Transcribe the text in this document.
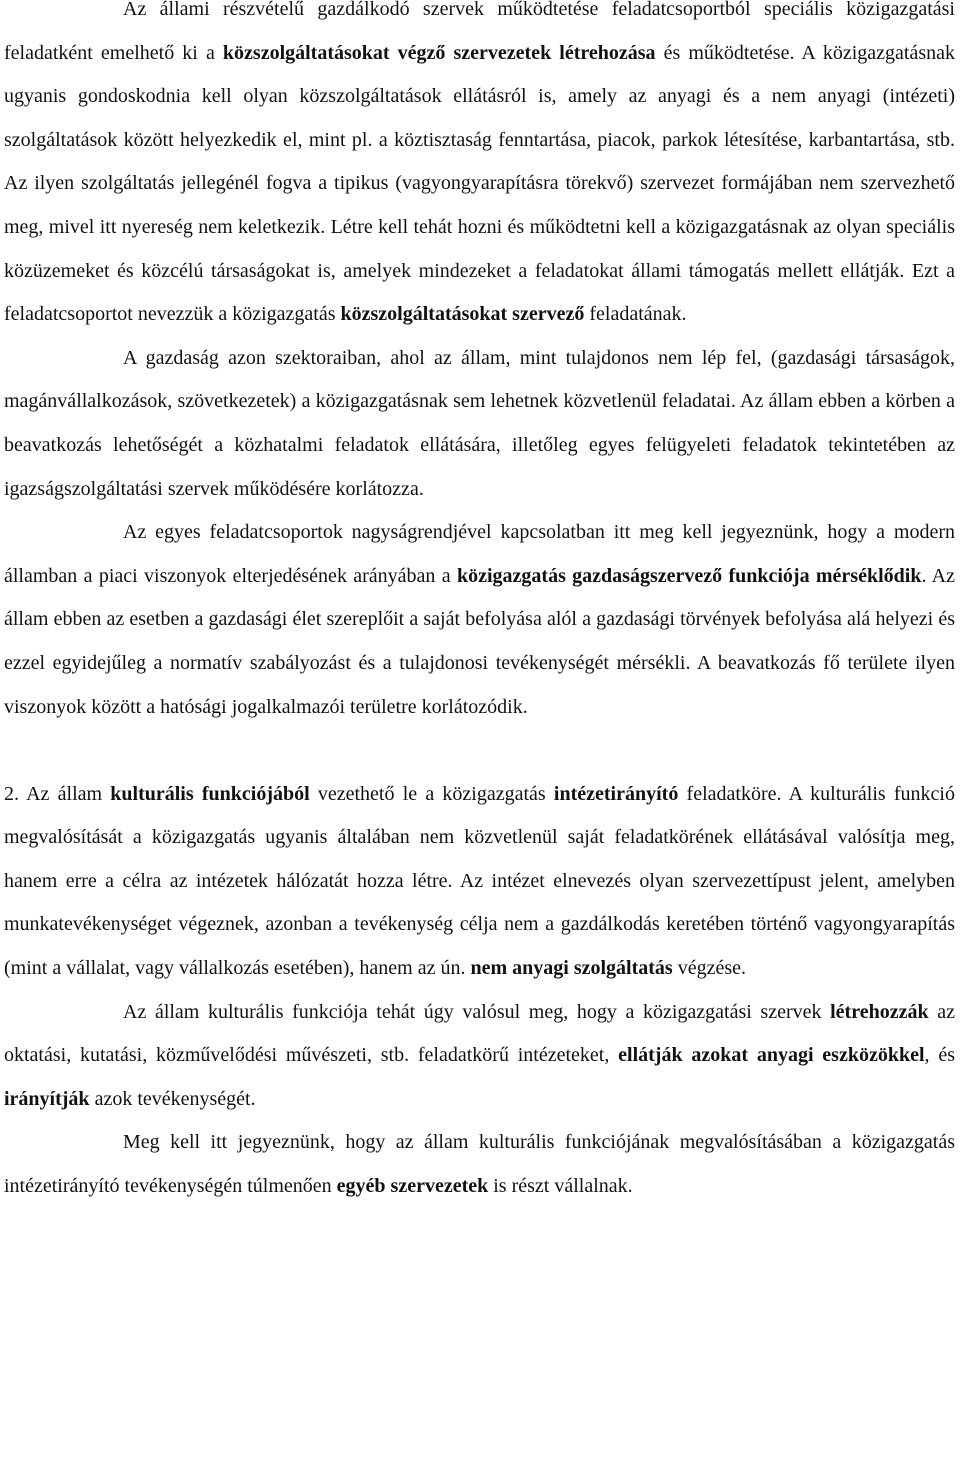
Az állami részvételű gazdálkodó szervek működtetése feladatcsoportból speciális közigazgatási feladatként emelhető ki a közszolgáltatásokat végző szervezetek létrehozása és működtetése. A közigazgatásnak ugyanis gondoskodnia kell olyan közszolgáltatások ellátásról is, amely az anyagi és a nem anyagi (intézeti) szolgáltatások között helyezkedik el, mint pl. a köztisztaság fenntartása, piacok, parkok létesítése, karbantartása, stb. Az ilyen szolgáltatás jellegénél fogva a tipikus (vagyongyarapításra törekvő) szervezet formájában nem szervezhető meg, mivel itt nyereség nem keletkezik. Létre kell tehát hozni és működtetni kell a közigazgatásnak az olyan speciális közüzemeket és közcélú társaságokat is, amelyek mindezeket a feladatokat állami támogatás mellett ellátják. Ezt a feladatcsoportot nevezzük a közigazgatás közszolgáltatásokat szervező feladatának.

A gazdaság azon szektoraiban, ahol az állam, mint tulajdonos nem lép fel, (gazdasági társaságok, magánvállalkozások, szövetkezetek) a közigazgatásnak sem lehetnek közvetlenül feladatai. Az állam ebben a körben a beavatkozás lehetőségét a közhatalmi feladatok ellátására, illetőleg egyes felügyeleti feladatok tekintetében az igazságszolgáltatási szervek működésére korlátozza.

Az egyes feladatcsoportok nagyságrendjével kapcsolatban itt meg kell jegyeznünk, hogy a modern államban a piaci viszonyok elterjedésének arányában a közigazgatás gazdaságszervező funkciója mérséklődik. Az állam ebben az esetben a gazdasági élet szereplőit a saját befolyása alól a gazdasági törvények befolyása alá helyezi és ezzel egyidejűleg a normatív szabályozást és a tulajdonosi tevékenységét mérsékli. A beavatkozás fő területe ilyen viszonyok között a hatósági jogalkalmazói területre korlátozódik.

2. Az állam kulturális funkciójából vezethető le a közigazgatás intézetirányító feladatköre. A kulturális funkció megvalósítását a közigazgatás ugyanis általában nem közvetlenül saját feladatkörének ellátásával valósítja meg, hanem erre a célra az intézetek hálózatát hozza létre. Az intézet elnevezés olyan szervezettípust jelent, amelyben munkatevékenységet végeznek, azonban a tevékenység célja nem a gazdálkodás keretében történő vagyongyarapítás (mint a vállalat, vagy vállalkozás esetében), hanem az ún. nem anyagi szolgáltatás végzése.

Az állam kulturális funkciója tehát úgy valósul meg, hogy a közigazgatási szervek létrehozzák az oktatási, kutatási, közművelődési művészeti, stb. feladatkörű intézeteket, ellátják azokat anyagi eszközökkel, és irányítják azok tevékenységét.

Meg kell itt jegyeznünk, hogy az állam kulturális funkciójának megvalósításában a közigazgatás intézetirányító tevékenységén túlmenően egyéb szervezetek is részt vállalnak.
